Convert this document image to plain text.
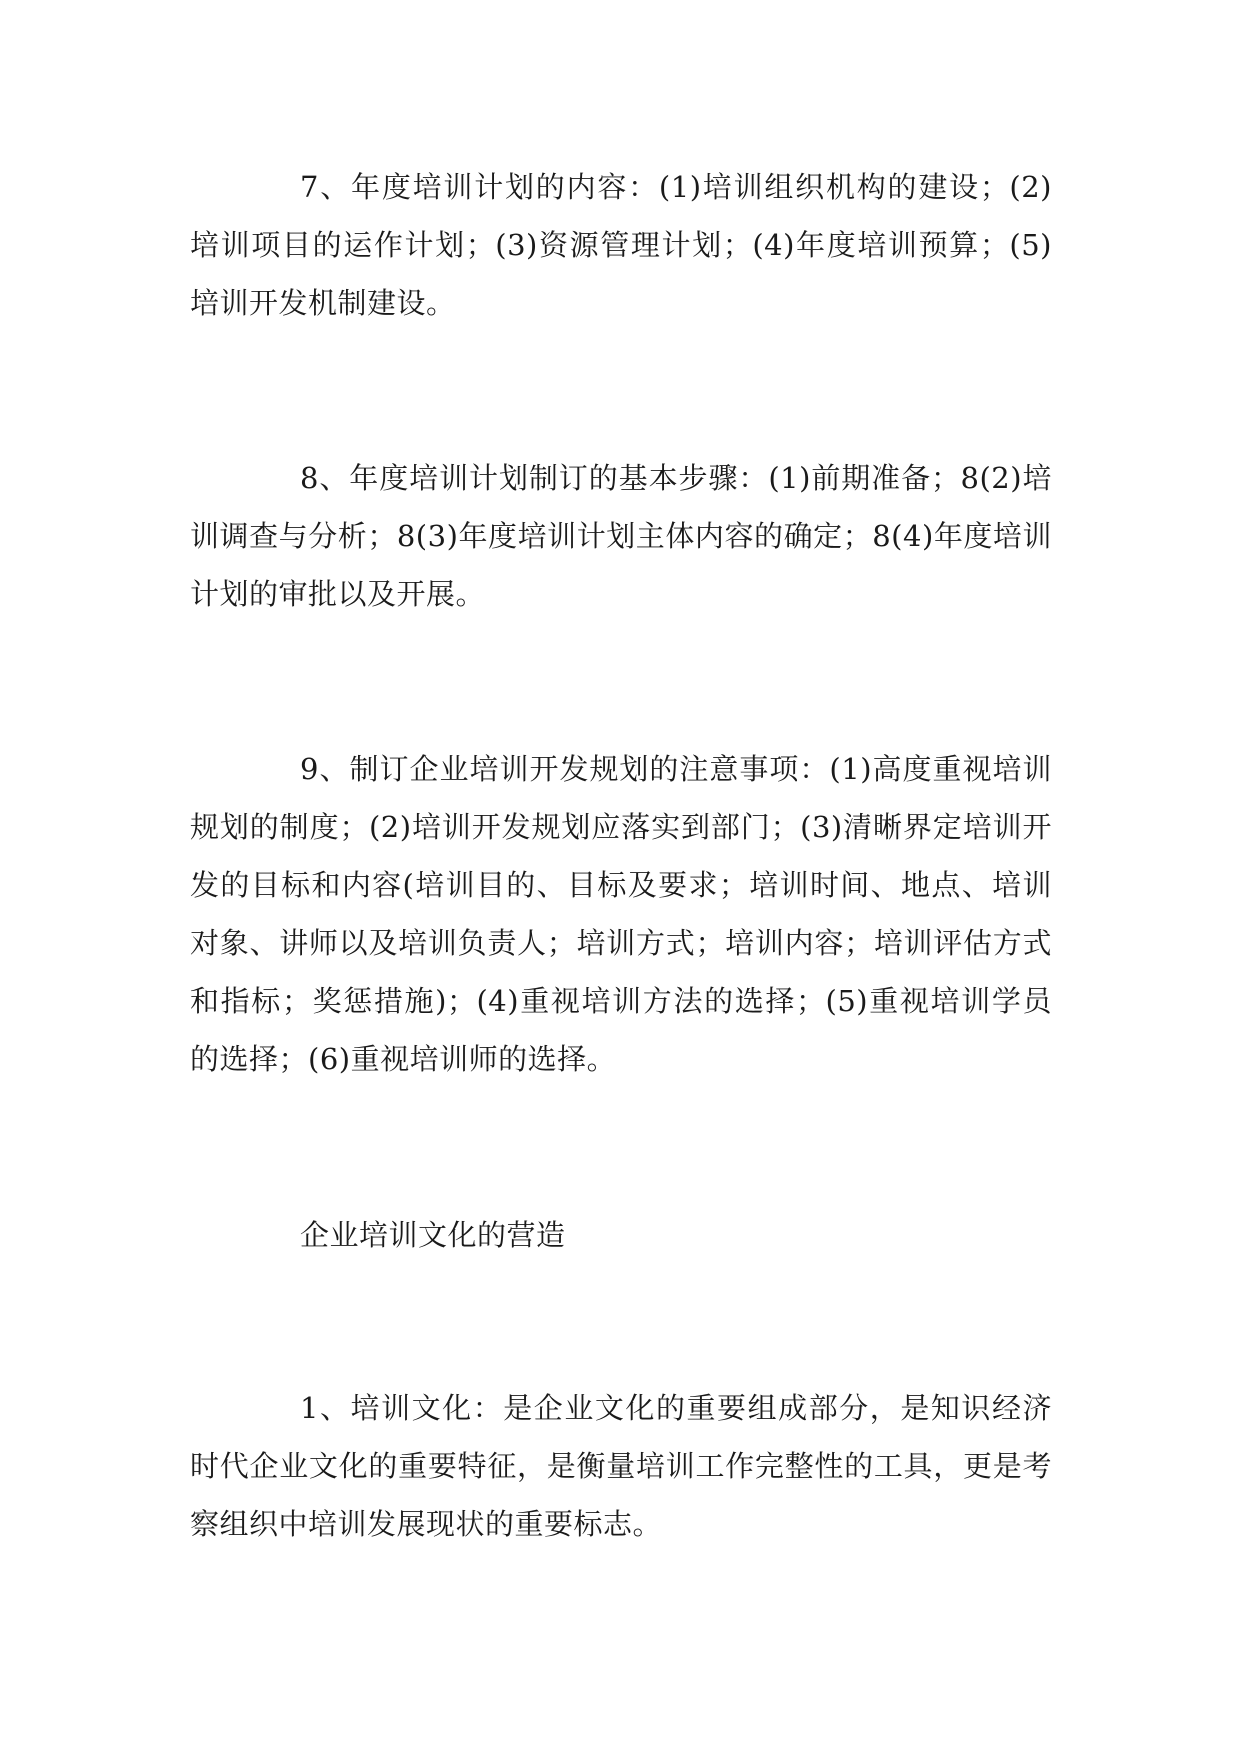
7、年度培训计划的内容：(1)培训组织机构的建设；(2)培训项目的运作计划；(3)资源管理计划；(4)年度培训预算；(5)培训开发机制建设。

8、年度培训计划制订的基本步骤：(1)前期准备；8(2)培训调查与分析；8(3)年度培训计划主体内容的确定；8(4)年度培训计划的审批以及开展。

9、制订企业培训开发规划的注意事项：(1)高度重视培训规划的制度；(2)培训开发规划应落实到部门；(3)清晰界定培训开发的目标和内容(培训目的、目标及要求；培训时间、地点、培训对象、讲师以及培训负责人；培训方式；培训内容；培训评估方式和指标；奖惩措施)；(4)重视培训方法的选择；(5)重视培训学员的选择；(6)重视培训师的选择。

企业培训文化的营造

1、培训文化：是企业文化的重要组成部分，是知识经济时代企业文化的重要特征，是衡量培训工作完整性的工具，更是考察组织中培训发展现状的重要标志。
